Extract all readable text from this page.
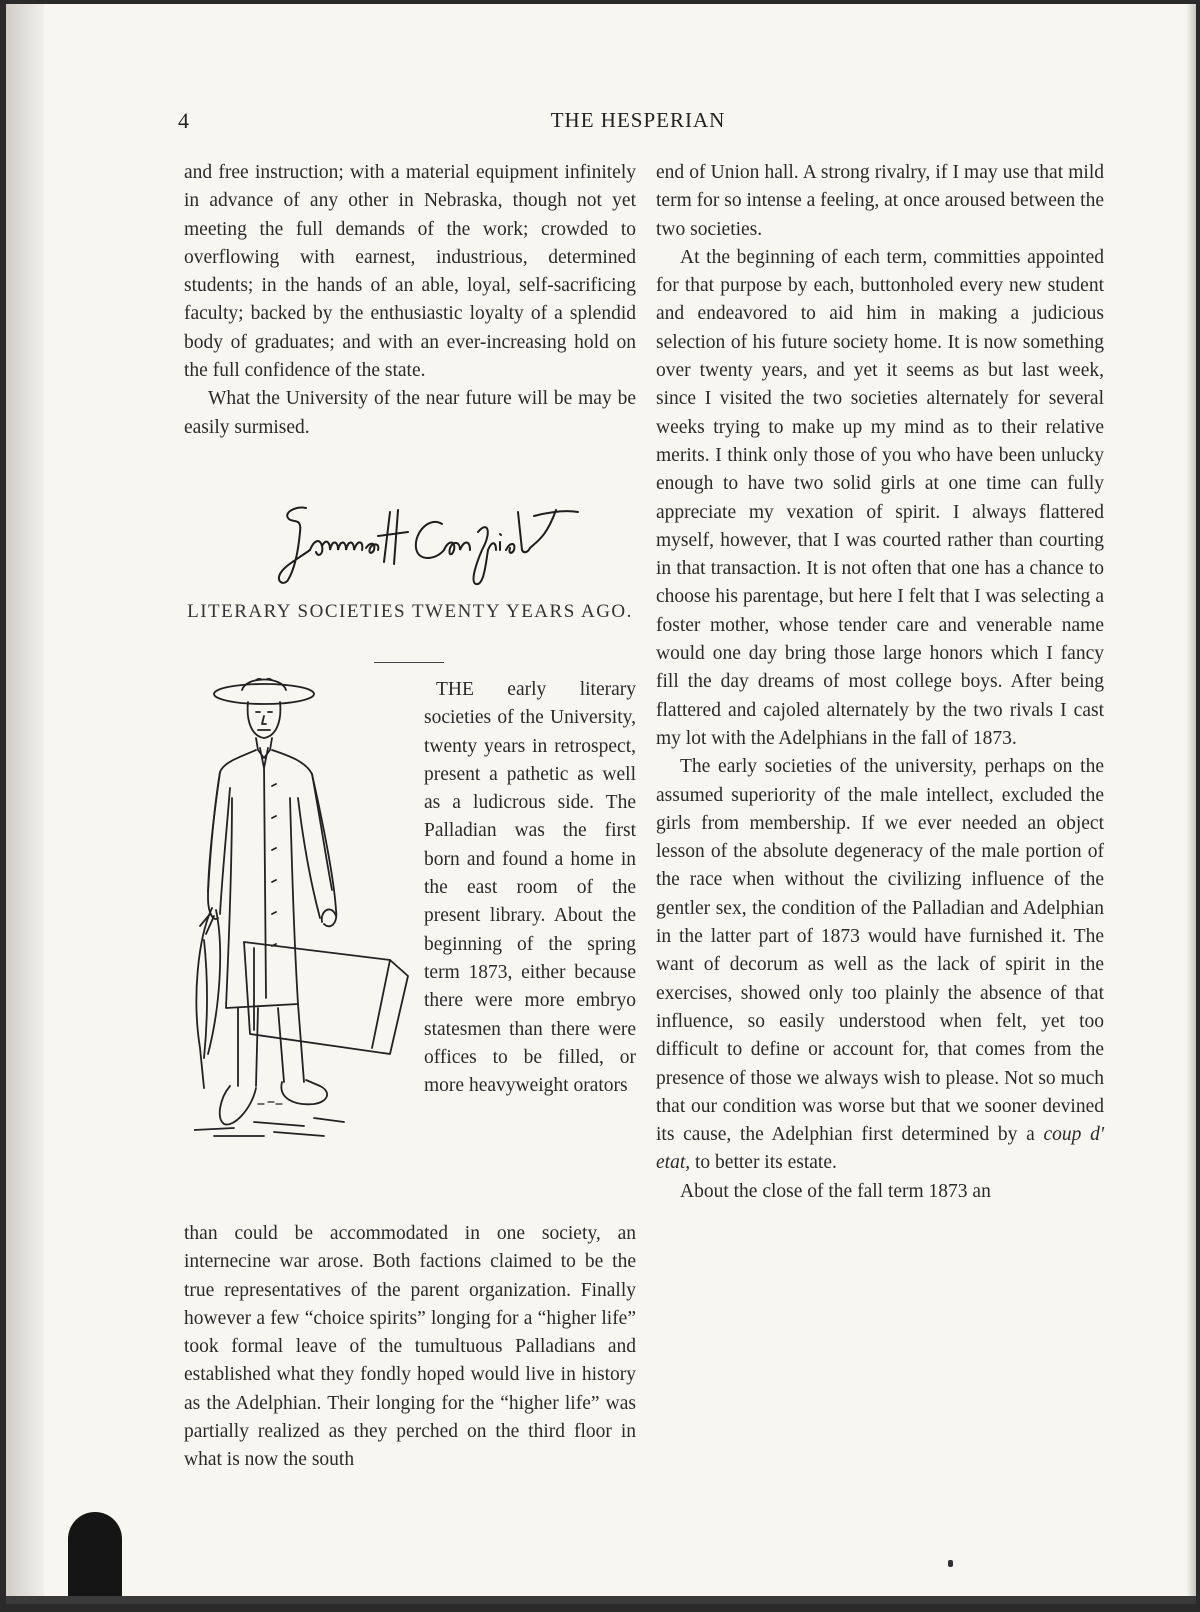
4	THE HESPERIAN

and free instruction; with a material equipment infinitely in advance of any other in Nebraska, though not yet meeting the full demands of the work; crowded to overflowing with earnest, industrious, determined students; in the hands of an able, loyal, self-sacrificing faculty; backed by the enthusiastic loyalty of a splendid body of graduates; and with an ever-increasing hold on the full confidence of the state.

What the University of the near future will be may be easily surmised.

LITERARY SOCIETIES TWENTY YEARS AGO.

THE early literary societies of the University, twenty years in retrospect, present a pathetic as well as a ludicrous side. The Palladian was the first born and found a home in the east room of the present library. About the beginning of the spring term 1873, either because there were more embryo statesmen than there were offices to be filled, or more heavyweight orators

than could be accommodated in one society, an internecine war arose. Both factions claimed to be the true representatives of the parent organization. Finally however a few “choice spirits” longing for a “higher life” took formal leave of the tumultuous Palladians and established what they fondly hoped would live in history as the Adelphian. Their longing for the “higher life” was partially realized as they perched on the third floor in what is now the south

end of Union hall. A strong rivalry, if I may use that mild term for so intense a feeling, at once aroused between the two societies.

At the beginning of each term, committies appointed for that purpose by each, buttonholed every new student and endeavored to aid him in making a judicious selection of his future society home. It is now something over twenty years, and yet it seems as but last week, since I visited the two societies alternately for several weeks trying to make up my mind as to their relative merits. I think only those of you who have been unlucky enough to have two solid girls at one time can fully appreciate my vexation of spirit. I always flattered myself, however, that I was courted rather than courting in that transaction. It is not often that one has a chance to choose his parentage, but here I felt that I was selecting a foster mother, whose tender care and venerable name would one day bring those large honors which I fancy fill the day dreams of most college boys. After being flattered and cajoled alternately by the two rivals I cast my lot with the Adelphians in the fall of 1873.

The early societies of the university, perhaps on the assumed superiority of the male intellect, excluded the girls from membership. If we ever needed an object lesson of the absolute degeneracy of the male portion of the race when without the civilizing influence of the gentler sex, the condition of the Palladian and Adelphian in the latter part of 1873 would have furnished it. The want of decorum as well as the lack of spirit in the exercises, showed only too plainly the absence of that influence, so easily understood when felt, yet too difficult to define or account for, that comes from the presence of those we always wish to please. Not so much that our condition was worse but that we sooner devined its cause, the Adelphian first determined by a coup d' etat, to better its estate.

About the close of the fall term 1873 an
